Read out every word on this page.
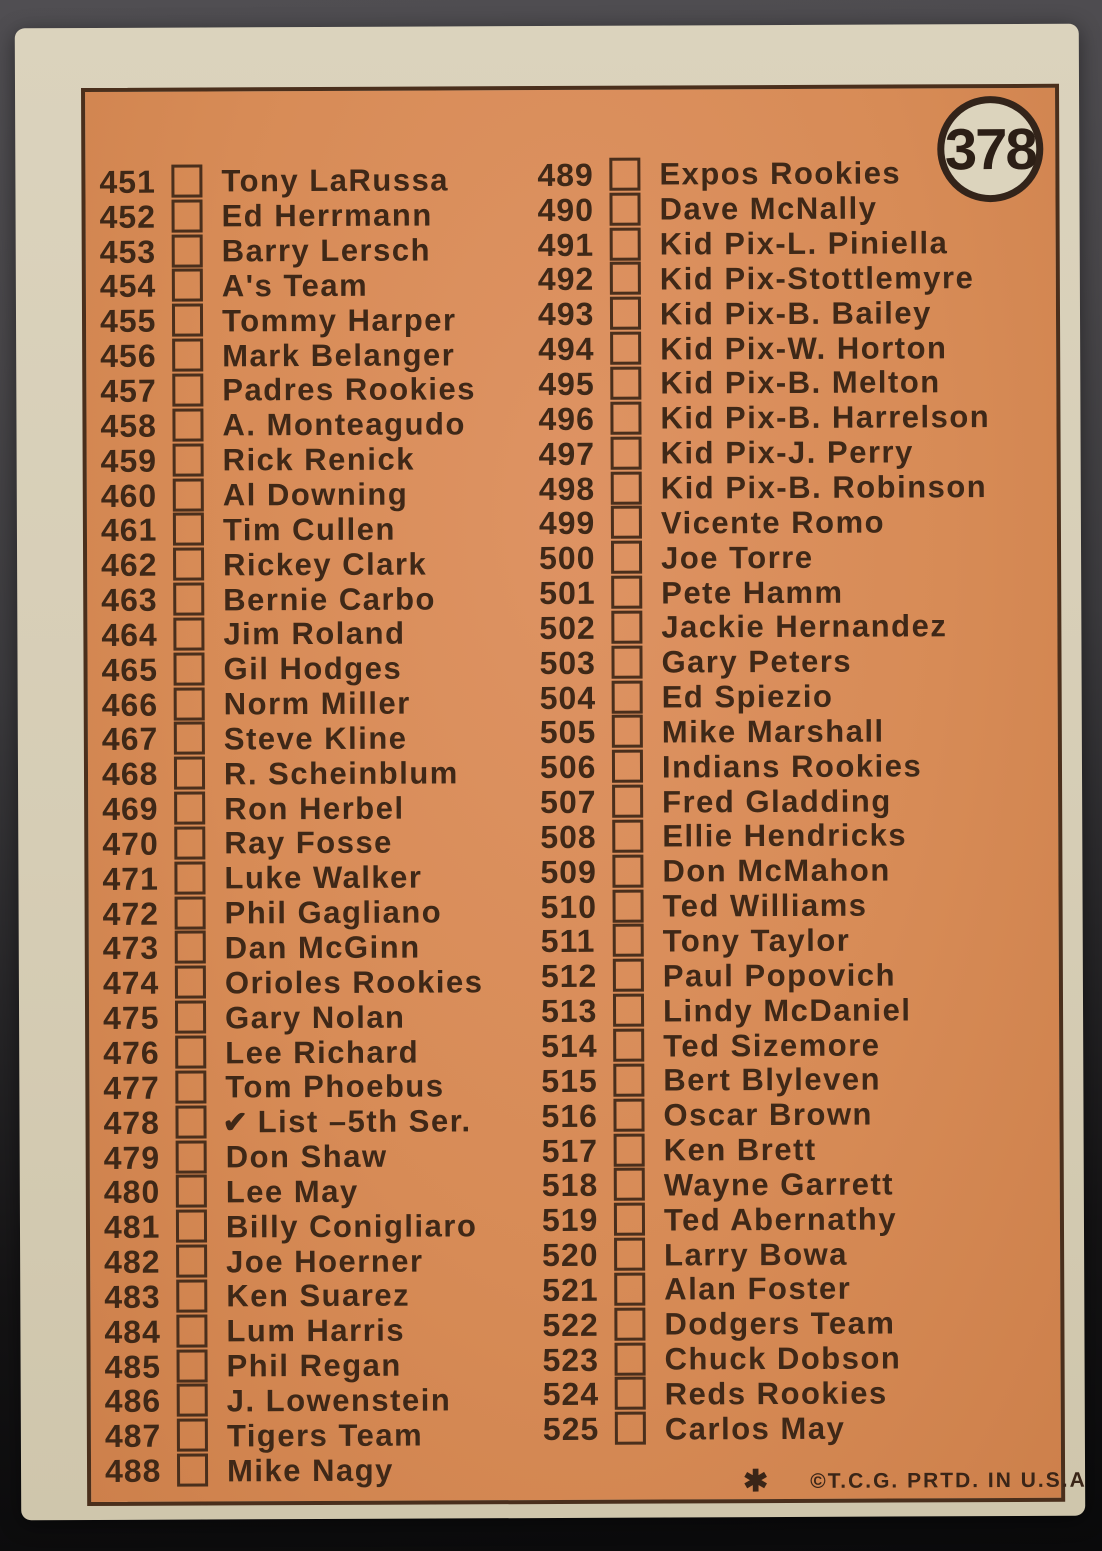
378
451	Tony LaRussa
452	Ed Herrmann
453	Barry Lersch
454	A's Team
455	Tommy Harper
456	Mark Belanger
457	Padres Rookies
458	A. Monteagudo
459	Rick Renick
460	Al Downing
461	Tim Cullen
462	Rickey Clark
463	Bernie Carbo
464	Jim Roland
465	Gil Hodges
466	Norm Miller
467	Steve Kline
468	R. Scheinblum
469	Ron Herbel
470	Ray Fosse
471	Luke Walker
472	Phil Gagliano
473	Dan McGinn
474	Orioles Rookies
475	Gary Nolan
476	Lee Richard
477	Tom Phoebus
478	✔ List –5th Ser.
479	Don Shaw
480	Lee May
481	Billy Conigliaro
482	Joe Hoerner
483	Ken Suarez
484	Lum Harris
485	Phil Regan
486	J. Lowenstein
487	Tigers Team
488	Mike Nagy
489	Expos Rookies
490	Dave McNally
491	Kid Pix-L. Piniella
492	Kid Pix-Stottlemyre
493	Kid Pix-B. Bailey
494	Kid Pix-W. Horton
495	Kid Pix-B. Melton
496	Kid Pix-B. Harrelson
497	Kid Pix-J. Perry
498	Kid Pix-B. Robinson
499	Vicente Romo
500	Joe Torre
501	Pete Hamm
502	Jackie Hernandez
503	Gary Peters
504	Ed Spiezio
505	Mike Marshall
506	Indians Rookies
507	Fred Gladding
508	Ellie Hendricks
509	Don McMahon
510	Ted Williams
511	Tony Taylor
512	Paul Popovich
513	Lindy McDaniel
514	Ted Sizemore
515	Bert Blyleven
516	Oscar Brown
517	Ken Brett
518	Wayne Garrett
519	Ted Abernathy
520	Larry Bowa
521	Alan Foster
522	Dodgers Team
523	Chuck Dobson
524	Reds Rookies
525	Carlos May
✱ ©T.C.G. PRTD. IN U.S.A
